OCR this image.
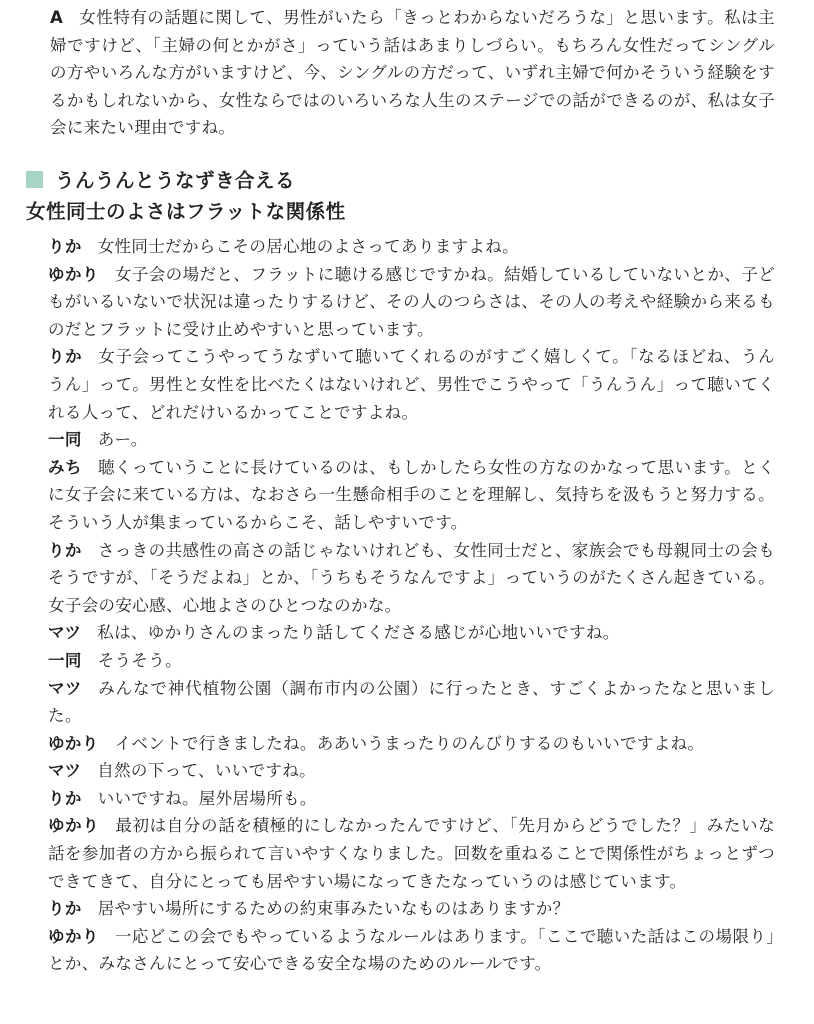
A 女性特有の話題に関して、男性がいたら「きっとわからないだろうな」と思います。私は主婦ですけど、「主婦の何とかがさ」っていう話はあまりしづらい。もちろん女性だってシングルの方やいろんな方がいますけど、今、シングルの方だって、いずれ主婦で何かそういう経験をするかもしれないから、女性ならではのいろいろな人生のステージでの話ができるのが、私は女子会に来たい理由ですね。

うんうんとうなずき合える
女性同士のよさはフラットな関係性

りか 女性同士だからこその居心地のよさってありますよね。

ゆかり 女子会の場だと、フラットに聴ける感じですかね。結婚しているしていないとか、子どもがいるいないで状況は違ったりするけど、その人のつらさは、その人の考えや経験から来るものだとフラットに受け止めやすいと思っています。

りか 女子会ってこうやってうなずいて聴いてくれるのがすごく嬉しくて。「なるほどね、うんうん」って。男性と女性を比べたくはないけれど、男性でこうやって「うんうん」って聴いてくれる人って、どれだけいるかってことですよね。

一同 あー。

みち 聴くっていうことに長けているのは、もしかしたら女性の方なのかなって思います。とくに女子会に来ている方は、なおさら一生懸命相手のことを理解し、気持ちを汲もうと努力する。そういう人が集まっているからこそ、話しやすいです。

りか さっきの共感性の高さの話じゃないけれども、女性同士だと、家族会でも母親同士の会もそうですが、「そうだよね」とか、「うちもそうなんですよ」っていうのがたくさん起きている。女子会の安心感、心地よさのひとつなのかな。

マツ 私は、ゆかりさんのまったり話してくださる感じが心地いいですね。

一同 そうそう。

マツ みんなで神代植物公園（調布市内の公園）に行ったとき、すごくよかったなと思いました。

ゆかり イベントで行きましたね。ああいうまったりのんびりするのもいいですよね。

マツ 自然の下って、いいですね。

りか いいですね。屋外居場所も。

ゆかり 最初は自分の話を積極的にしなかったんですけど、「先月からどうでした？」みたいな話を参加者の方から振られて言いやすくなりました。回数を重ねることで関係性がちょっとずつできてきて、自分にとっても居やすい場になってきたなっていうのは感じています。

りか 居やすい場所にするための約束事みたいなものはありますか？

ゆかり 一応どこの会でもやっているようなルールはあります。「ここで聴いた話はこの場限り」とか、みなさんにとって安心できる安全な場のためのルールです。
